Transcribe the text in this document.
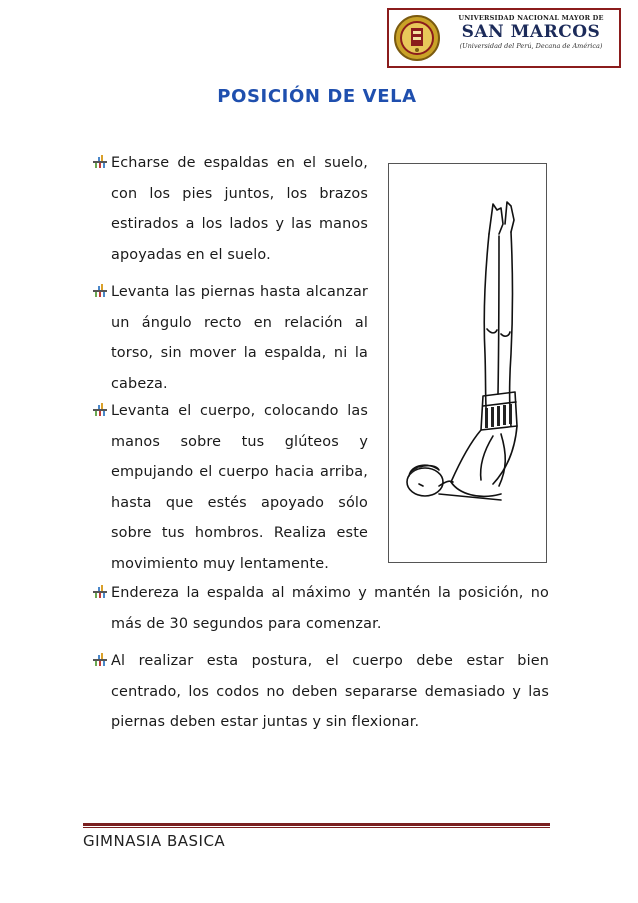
UNIVERSIDAD NACIONAL MAYOR DE
SAN MARCOS
(Universidad del Perú, Decana de América)
POSICIÓN DE VELA
Echarse de espaldas en el suelo, con los pies juntos, los brazos estirados a los lados y las manos apoyadas en el suelo.
Levanta las piernas hasta alcanzar un ángulo recto en relación al torso, sin mover la espalda, ni la cabeza.
Levanta el cuerpo, colocando las manos sobre tus glúteos y empujando el cuerpo hacia arriba, hasta que estés apoyado sólo sobre tus hombros. Realiza este movimiento muy lentamente.
Endereza la espalda al máximo y mantén la posición, no más de 30 segundos para comenzar.
Al realizar esta postura, el cuerpo debe estar bien centrado, los codos no deben separarse demasiado y las piernas deben estar juntas y sin flexionar.
GIMNASIA BASICA
